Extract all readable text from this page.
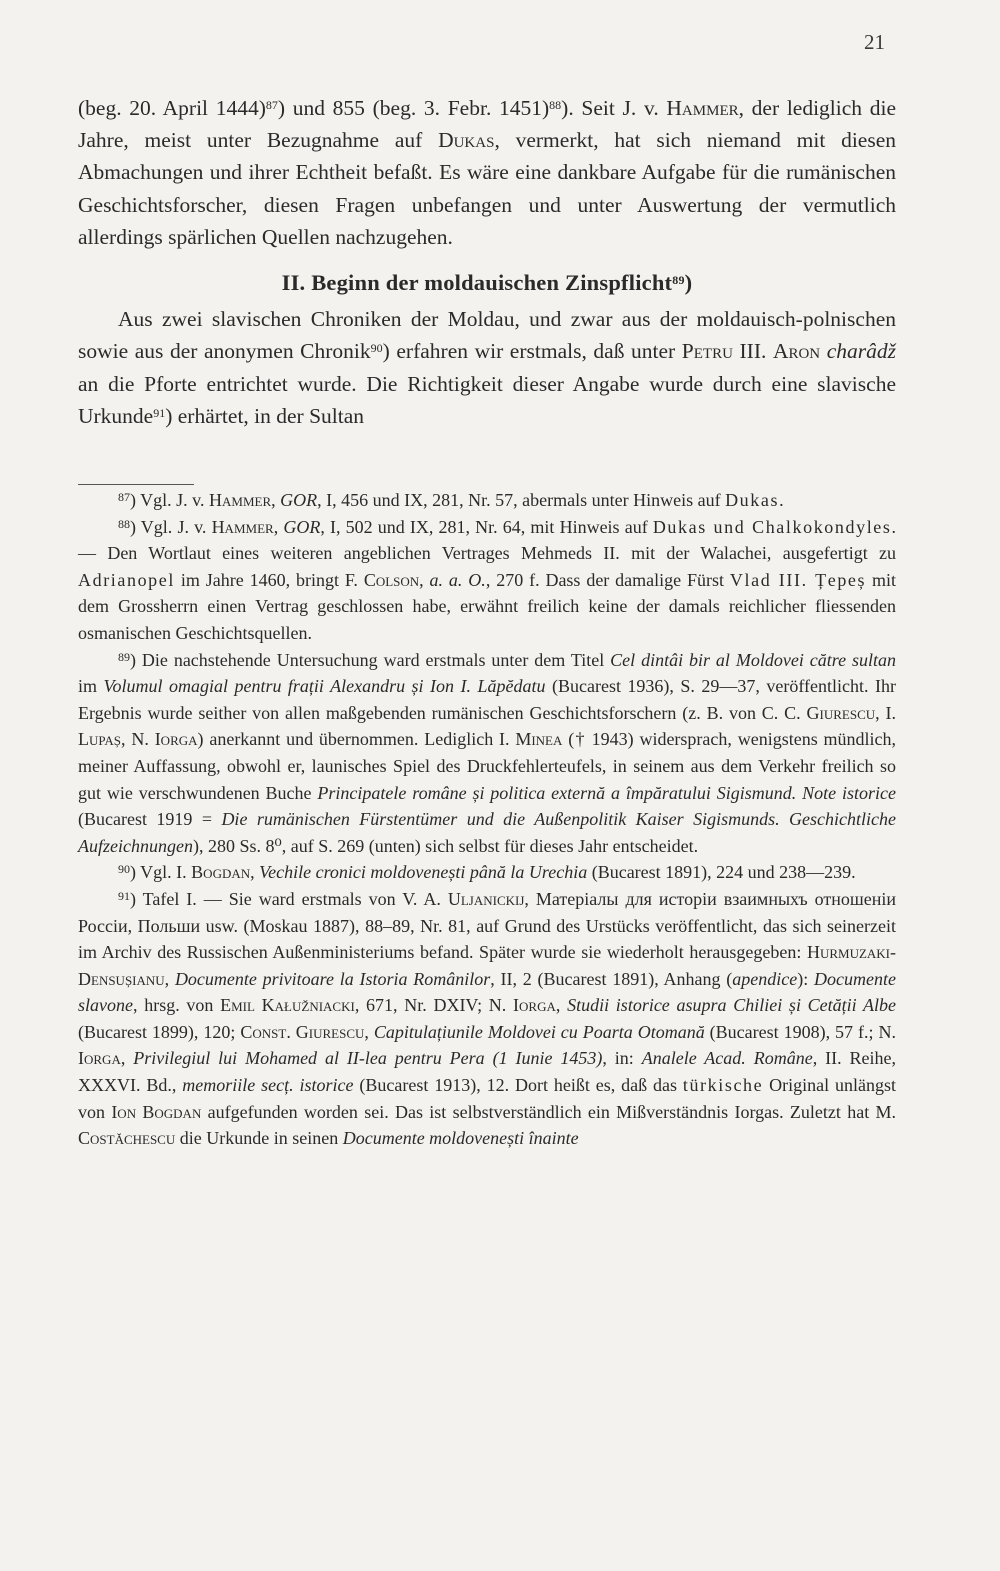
21

(beg. 20. April 1444)$^{87}$) und 855 (beg. 3. Febr. 1451)$^{88}$). Seit J. v. Hammer, der lediglich die Jahre, meist unter Bezugnahme auf Dukas, vermerkt, hat sich niemand mit diesen Abmachungen und ihrer Echtheit befaßt. Es wäre eine dankbare Aufgabe für die rumänischen Geschichtsforscher, diesen Fragen unbefangen und unter Auswertung der vermutlich allerdings spärlichen Quellen nachzugehen.

II. Beginn der moldauischen Zinspflicht$^{89}$)

Aus zwei slavischen Chroniken der Moldau, und zwar aus der moldauisch-polnischen sowie aus der anonymen Chronik$^{90}$) erfahren wir erstmals, daß unter Petru III. Aron charâdž an die Pforte entrichtet wurde. Die Richtigkeit dieser Angabe wurde durch eine slavische Urkunde$^{91}$) erhärtet, in der Sultan

$^{87}$) Vgl. J. v. Hammer, GOR, I, 456 und IX, 281, Nr. 57, abermals unter Hinweis auf Dukas.

$^{88}$) Vgl. J. v. Hammer, GOR, I, 502 und IX, 281, Nr. 64, mit Hinweis auf Dukas und Chalkokondyles. — Den Wortlaut eines weiteren angeblichen Vertrages Mehmeds II. mit der Walachei, ausgefertigt zu Adrianopel im Jahre 1460, bringt F. Colson, a. a. O., 270 f. Dass der damalige Fürst Vlad III. Țepeș mit dem Grossherrn einen Vertrag geschlossen habe, erwähnt freilich keine der damals reichlicher fliessenden osmanischen Geschichtsquellen.

$^{89}$) Die nachstehende Untersuchung ward erstmals unter dem Titel Cel dintâi bir al Moldovei către sultan im Volumul omagial pentru frații Alexandru și Ion I. Lăpĕdatu (Bucarest 1936), S. 29—37, veröffentlicht. Ihr Ergebnis wurde seither von allen maßgebenden rumänischen Geschichtsforschern (z. B. von C. C. Giurescu, I. Lupaș, N. Iorga) anerkannt und übernommen. Lediglich I. Minea († 1943) widersprach, wenigstens mündlich, meiner Auffassung, obwohl er, launisches Spiel des Druckfehlerteufels, in seinem aus dem Verkehr freilich so gut wie verschwundenen Buche Principatele române și politica externă a împăratului Sigismund. Note istorice (Bucarest 1919 = Die rumänischen Fürstentümer und die Außenpolitik Kaiser Sigismunds. Geschichtliche Aufzeichnungen), 280 Ss. 8⁰, auf S. 269 (unten) sich selbst für dieses Jahr entscheidet.

$^{90}$) Vgl. I. Bogdan, Vechile cronici moldovenești până la Urechia (Bucarest 1891), 224 und 238—239.

$^{91}$) Tafel I. — Sie ward erstmals von V. A. Uljanickij, Матеріалы для исторіи взаимныхъ отношеніи Россіи, Польши usw. (Moskau 1887), 88–89, Nr. 81, auf Grund des Urstücks veröffentlicht, das sich seinerzeit im Archiv des Russischen Außenministeriums befand. Später wurde sie wiederholt herausgegeben: Hurmuzaki-Densușianu, Documente privitoare la Istoria Românilor, II, 2 (Bucarest 1891), Anhang (apendice): Documente slavone, hrsg. von Emil Kałužniacki, 671, Nr. DXIV; N. Iorga, Studii istorice asupra Chiliei și Cetății Albe (Bucarest 1899), 120; Const. Giurescu, Capitulațiunile Moldovei cu Poarta Otomană (Bucarest 1908), 57 f.; N. Iorga, Privilegiul lui Mohamed al II-lea pentru Pera (1 Iunie 1453), in: Analele Acad. Române, II. Reihe, XXXVI. Bd., memoriile secț. istorice (Bucarest 1913), 12. Dort heißt es, daß das türkische Original unlängst von Ion Bogdan aufgefunden worden sei. Das ist selbstverständlich ein Mißverständnis Iorgas. Zuletzt hat M. Costăchescu die Urkunde in seinen Documente moldovenești înainte
